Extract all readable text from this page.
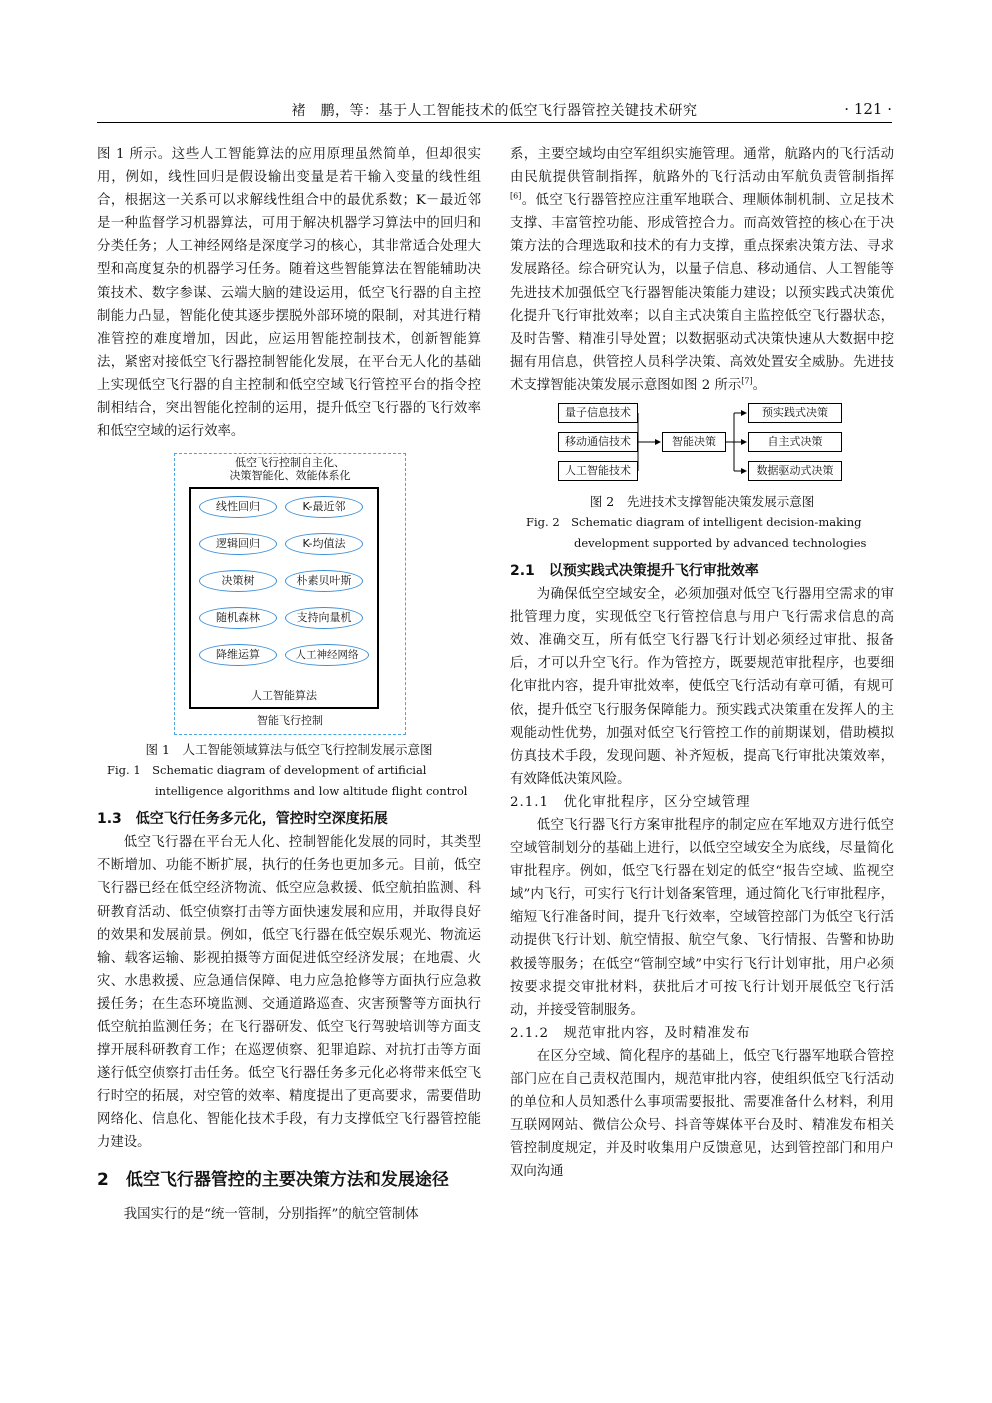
褚　鹏，等：基于人工智能技术的低空飞行器管控关键技术研究	· 121 ·

图 1 所示。这些人工智能算法的应用原理虽然简单，但却很实用，例如，线性回归是假设输出变量是若干输入变量的线性组合，根据这一关系可以求解线性组合中的最优系数；K－最近邻是一种监督学习机器算法，可用于解决机器学习算法中的回归和分类任务；人工神经网络是深度学习的核心，其非常适合处理大型和高度复杂的机器学习任务。随着这些智能算法在智能辅助决策技术、数字参谋、云端大脑的建设运用，低空飞行器的自主控制能力凸显，智能化使其逐步摆脱外部环境的限制，对其进行精准管控的难度增加，因此，应运用智能控制技术，创新智能算法，紧密对接低空飞行器控制智能化发展，在平台无人化的基础上实现低空飞行器的自主控制和低空空域飞行管控平台的指令控制相结合，突出智能化控制的运用，提升低空飞行器的飞行效率和低空空域的运行效率。

低空飞行控制自主化、
决策智能化、效能体系化
线性回归	K-最近邻
逻辑回归	K-均值法
决策树	朴素贝叶斯
随机森林	支持向量机
降维运算	人工神经网络
人工智能算法
智能飞行控制
图 1　人工智能领域算法与低空飞行控制发展示意图
Fig. 1　Schematic diagram of development of artificial
intelligence algorithms and low altitude flight control
1.3　低空飞行任务多元化，管控时空深度拓展

低空飞行器在平台无人化、控制智能化发展的同时，其类型不断增加、功能不断扩展，执行的任务也更加多元。目前，低空飞行器已经在低空经济物流、低空应急救援、低空航拍监测、科研教育活动、低空侦察打击等方面快速发展和应用，并取得良好的效果和发展前景。例如，低空飞行器在低空娱乐观光、物流运输、载客运输、影视拍摄等方面促进低空经济发展；在地震、火灾、水患救援、应急通信保障、电力应急抢修等方面执行应急救援任务；在生态环境监测、交通道路巡查、灾害预警等方面执行低空航拍监测任务；在飞行器研发、低空飞行驾驶培训等方面支撑开展科研教育工作；在巡逻侦察、犯罪追踪、对抗打击等方面遂行低空侦察打击任务。低空飞行器任务多元化必将带来低空飞行时空的拓展，对空管的效率、精度提出了更高要求，需要借助网络化、信息化、智能化技术手段，有力支撑低空飞行器管控能力建设。

2　低空飞行器管控的主要决策方法和发展途径

我国实行的是“统一管制，分别指挥”的航空管制体

系，主要空域均由空军组织实施管理。通常，航路内的飞行活动由民航提供管制指挥，航路外的飞行活动由军航负责管制指挥[6]。低空飞行器管控应注重军地联合、理顺体制机制、立足技术支撑、丰富管控功能、形成管控合力。而高效管控的核心在于决策方法的合理选取和技术的有力支撑，重点探索决策方法、寻求发展路径。综合研究认为，以量子信息、移动通信、人工智能等先进技术加强低空飞行器智能决策能力建设；以预实践式决策优化提升飞行审批效率；以自主式决策自主监控低空飞行器状态，及时告警、精准引导处置；以数据驱动式决策快速从大数据中挖掘有用信息，供管控人员科学决策、高效处置安全威胁。先进技术支撑智能决策发展示意图如图 2 所示[7]。

量子信息技术
移动通信技术
人工智能技术
智能决策
预实践式决策
自主式决策
数据驱动式决策
图 2　先进技术支撑智能决策发展示意图
Fig. 2　Schematic diagram of intelligent decision-making
development supported by advanced technologies
2.1　以预实践式决策提升飞行审批效率

为确保低空空域安全，必须加强对低空飞行器用空需求的审批管理力度，实现低空飞行管控信息与用户飞行需求信息的高效、准确交互，所有低空飞行器飞行计划必须经过审批、报备后，才可以升空飞行。作为管控方，既要规范审批程序，也要细化审批内容，提升审批效率，使低空飞行活动有章可循，有规可依，提升低空飞行服务保障能力。预实践式决策重在发挥人的主观能动性优势，加强对低空飞行管控工作的前期谋划，借助模拟仿真技术手段，发现问题、补齐短板，提高飞行审批决策效率，有效降低决策风险。

2.1.1　优化审批程序，区分空域管理

低空飞行器飞行方案审批程序的制定应在军地双方进行低空空域管制划分的基础上进行，以低空空域安全为底线，尽量简化审批程序。例如，低空飞行器在划定的低空“报告空域、监视空域”内飞行，可实行飞行计划备案管理，通过简化飞行审批程序，缩短飞行准备时间，提升飞行效率，空域管控部门为低空飞行活动提供飞行计划、航空情报、航空气象、飞行情报、告警和协助救援等服务；在低空“管制空域”中实行飞行计划审批，用户必须按要求提交审批材料，获批后才可按飞行计划开展低空飞行活动，并接受管制服务。

2.1.2　规范审批内容，及时精准发布

在区分空域、简化程序的基础上，低空飞行器军地联合管控部门应在自己责权范围内，规范审批内容，使组织低空飞行活动的单位和人员知悉什么事项需要报批、需要准备什么材料，利用互联网网站、微信公众号、抖音等媒体平台及时、精准发布相关管控制度规定，并及时收集用户反馈意见，达到管控部门和用户双向沟通
